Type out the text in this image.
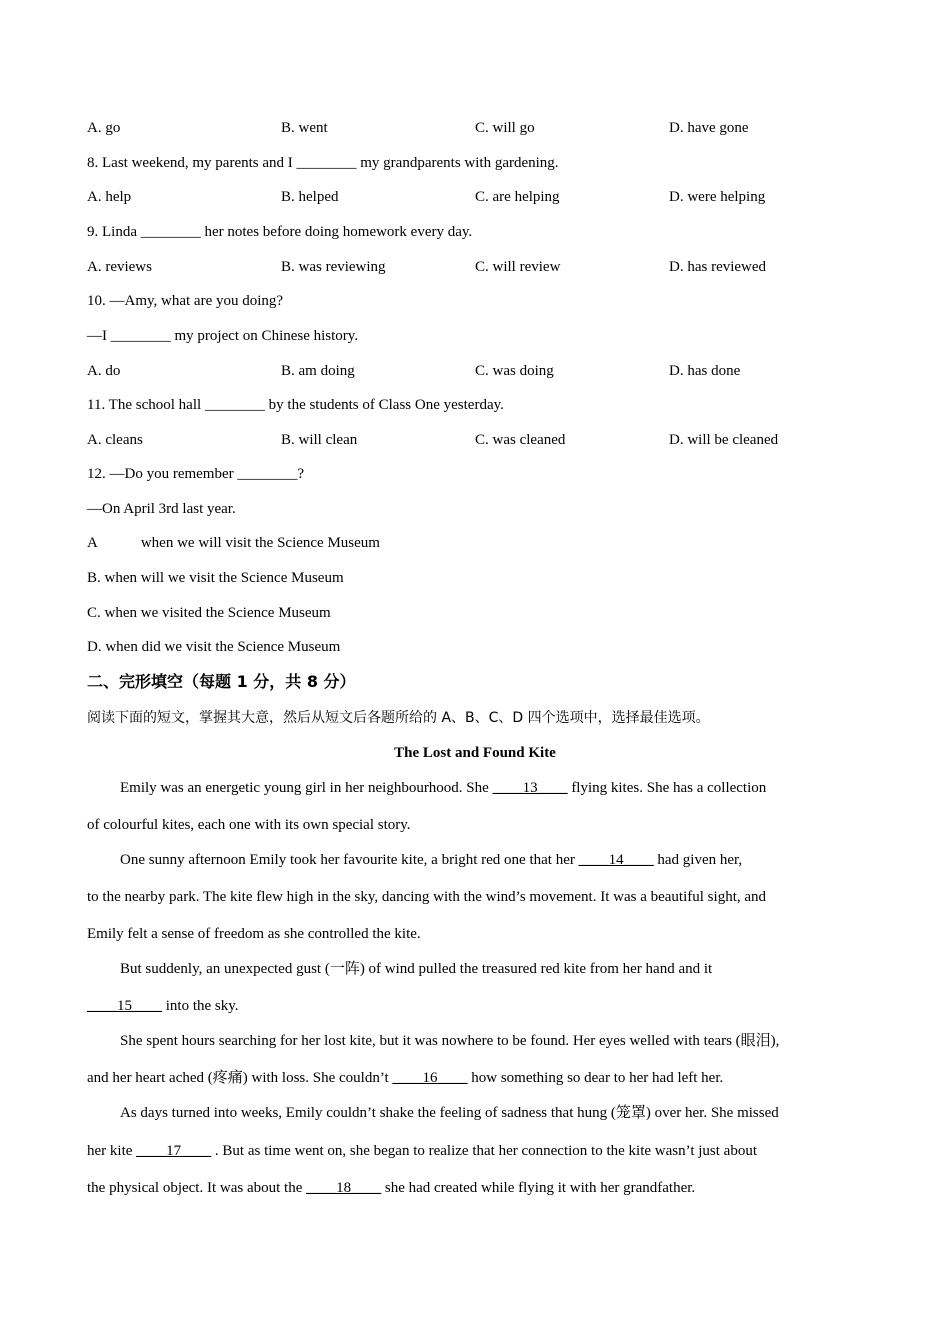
A. go	B. went	C. will go	D. have gone
8. Last weekend, my parents and I ________ my grandparents with gardening.
A. help	B. helped	C. are helping	D. were helping
9. Linda ________ her notes before doing homework every day.
A. reviews	B. was reviewing	C. will review	D. has reviewed
10. —Amy, what are you doing?
—I ________ my project on Chinese history.
A. do	B. am doing	C. was doing	D. has done
11. The school hall ________ by the students of Class One yesterday.
A. cleans	B. will clean	C. was cleaned	D. will be cleaned
12. —Do you remember ________?
—On April 3rd last year.
A	when we will visit the Science Museum
B. when will we visit the Science Museum
C. when we visited the Science Museum
D. when did we visit the Science Museum
二、完形填空（每题 1 分，共 8 分）
阅读下面的短文，掌握其大意，然后从短文后各题所给的 A、B、C、D 四个选项中，选择最佳选项。
The Lost and Found Kite
Emily was an energetic young girl in her neighbourhood. She ____13____ flying kites. She has a collection
of colourful kites, each one with its own special story.
One sunny afternoon Emily took her favourite kite, a bright red one that her ____14____ had given her,
to the nearby park. The kite flew high in the sky, dancing with the wind’s movement. It was a beautiful sight, and
Emily felt a sense of freedom as she controlled the kite.
But suddenly, an unexpected gust (一阵) of wind pulled the treasured red kite from her hand and it
____15____ into the sky.
She spent hours searching for her lost kite, but it was nowhere to be found. Her eyes welled with tears (眼泪),
and her heart ached (疼痛) with loss. She couldn’t ____16____ how something so dear to her had left her.
As days turned into weeks, Emily couldn’t shake the feeling of sadness that hung (笼罩) over her. She missed
her kite ____17____ . But as time went on, she began to realize that her connection to the kite wasn’t just about
the physical object. It was about the ____18____ she had created while flying it with her grandfather.
